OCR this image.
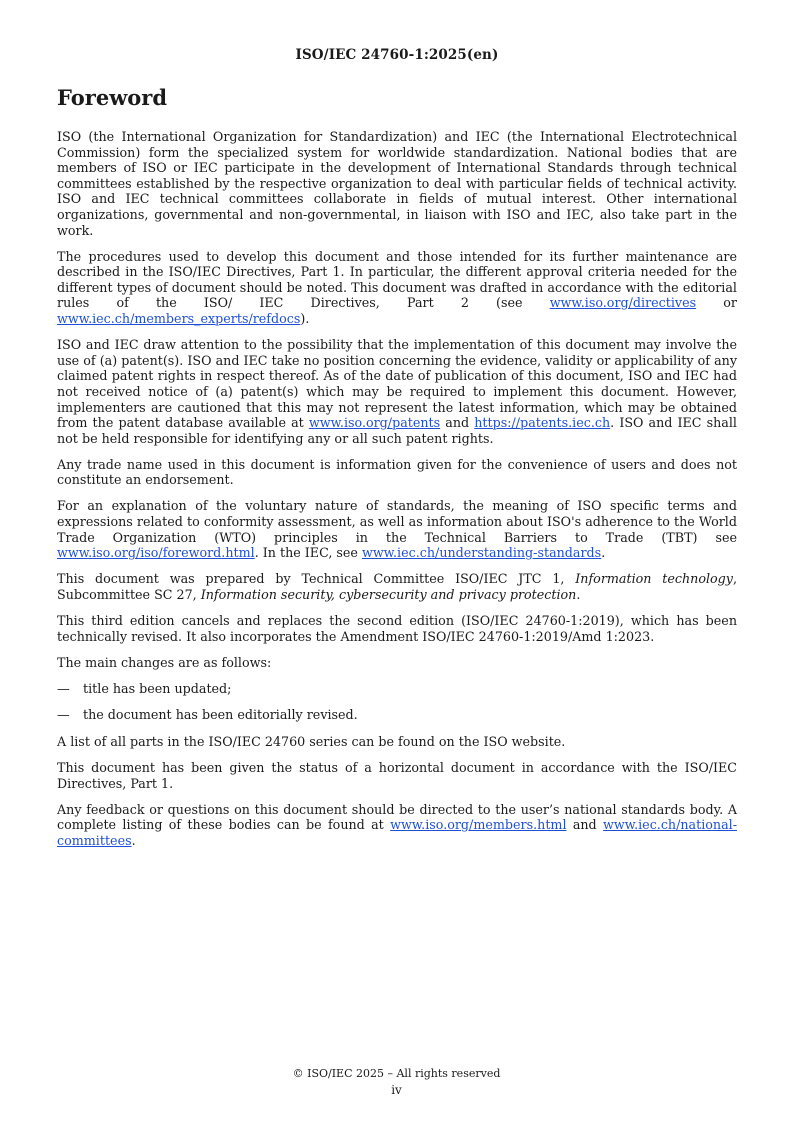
ISO/IEC 24760-1:2025(en)
Foreword

ISO (the International Organization for Standardization) and IEC (the International Electrotechnical Commission) form the specialized system for worldwide standardization. National bodies that are members of ISO or IEC participate in the development of International Standards through technical committees established by the respective organization to deal with particular fields of technical activity. ISO and IEC technical committees collaborate in fields of mutual interest. Other international organizations, governmental and non-governmental, in liaison with ISO and IEC, also take part in the work.

The procedures used to develop this document and those intended for its further maintenance are described in the ISO/IEC Directives, Part 1. In particular, the different approval criteria needed for the different types of document should be noted. This document was drafted in accordance with the editorial rules of the ISO/ IEC Directives, Part 2 (see www.iso.org/directives or www.iec.ch/members_experts/refdocs).

ISO and IEC draw attention to the possibility that the implementation of this document may involve the use of (a) patent(s). ISO and IEC take no position concerning the evidence, validity or applicability of any claimed patent rights in respect thereof. As of the date of publication of this document, ISO and IEC had not received notice of (a) patent(s) which may be required to implement this document. However, implementers are cautioned that this may not represent the latest information, which may be obtained from the patent database available at www.iso.org/patents and https://patents.iec.ch. ISO and IEC shall not be held responsible for identifying any or all such patent rights.

Any trade name used in this document is information given for the convenience of users and does not constitute an endorsement.

For an explanation of the voluntary nature of standards, the meaning of ISO specific terms and expressions related to conformity assessment, as well as information about ISO's adherence to the World Trade Organization (WTO) principles in the Technical Barriers to Trade (TBT) see www.iso.org/iso/foreword.html. In the IEC, see www.iec.ch/understanding-standards.

This document was prepared by Technical Committee ISO/IEC JTC 1, Information technology, Subcommittee SC 27, Information security, cybersecurity and privacy protection.

This third edition cancels and replaces the second edition (ISO/IEC 24760-1:2019), which has been technically revised. It also incorporates the Amendment ISO/IEC 24760-1:2019/Amd 1:2023.

The main changes are as follows:

—	title has been updated;
—	the document has been editorially revised.

A list of all parts in the ISO/IEC 24760 series can be found on the ISO website.

This document has been given the status of a horizontal document in accordance with the ISO/IEC Directives, Part 1.

Any feedback or questions on this document should be directed to the user’s national standards body. A complete listing of these bodies can be found at www.iso.org/members.html and www.iec.ch/national-committees.

© ISO/IEC 2025 – All rights reserved
iv
